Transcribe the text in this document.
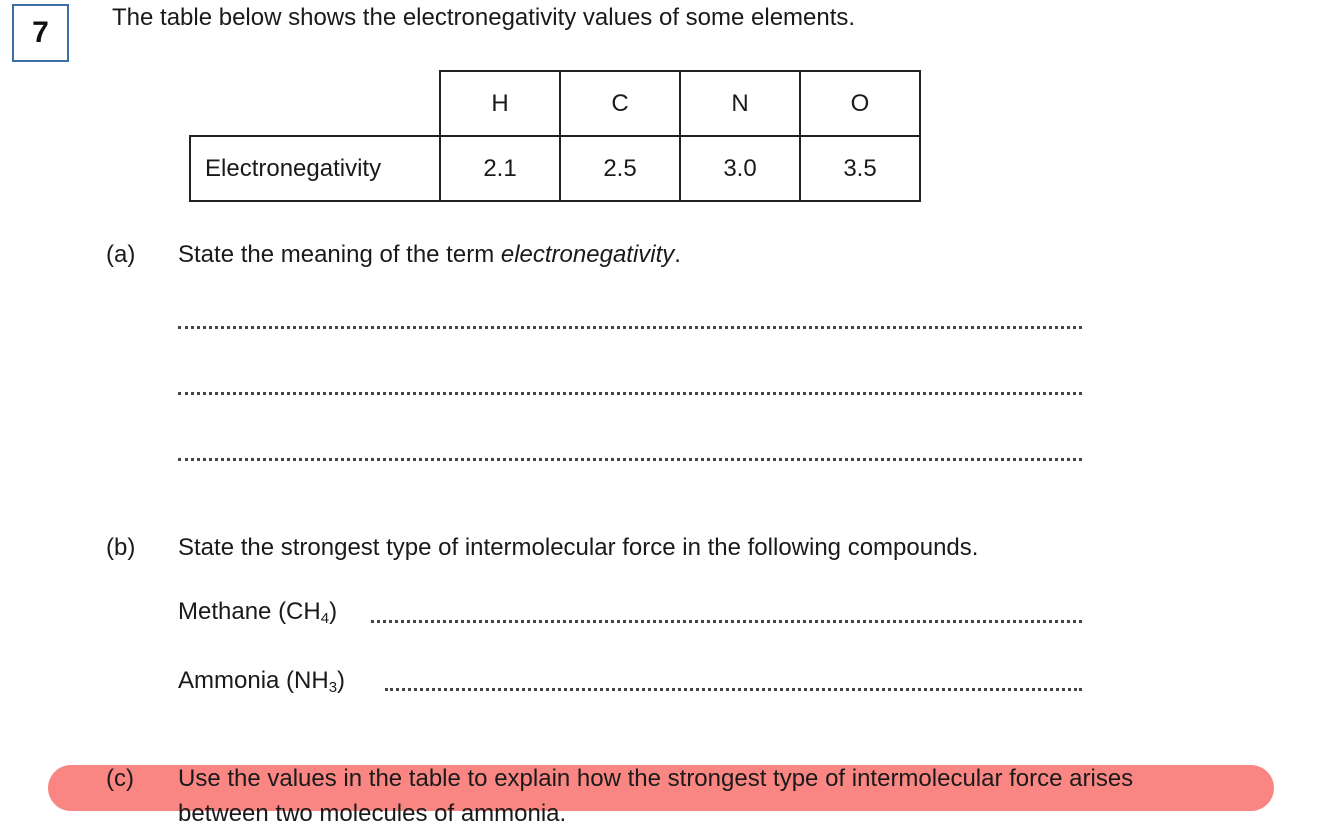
7	The table below shows the electronegativity values of some elements.
	H	C	N	O
Electronegativity	2.1	2.5	3.0	3.5
(a) State the meaning of the term electronegativity.
(b) State the strongest type of intermolecular force in the following compounds.
Methane $(CH_4)$
Ammonia $(NH_3)$
(c) Use the values in the table to explain how the strongest type of intermolecular force arises
between two molecules of ammonia.
